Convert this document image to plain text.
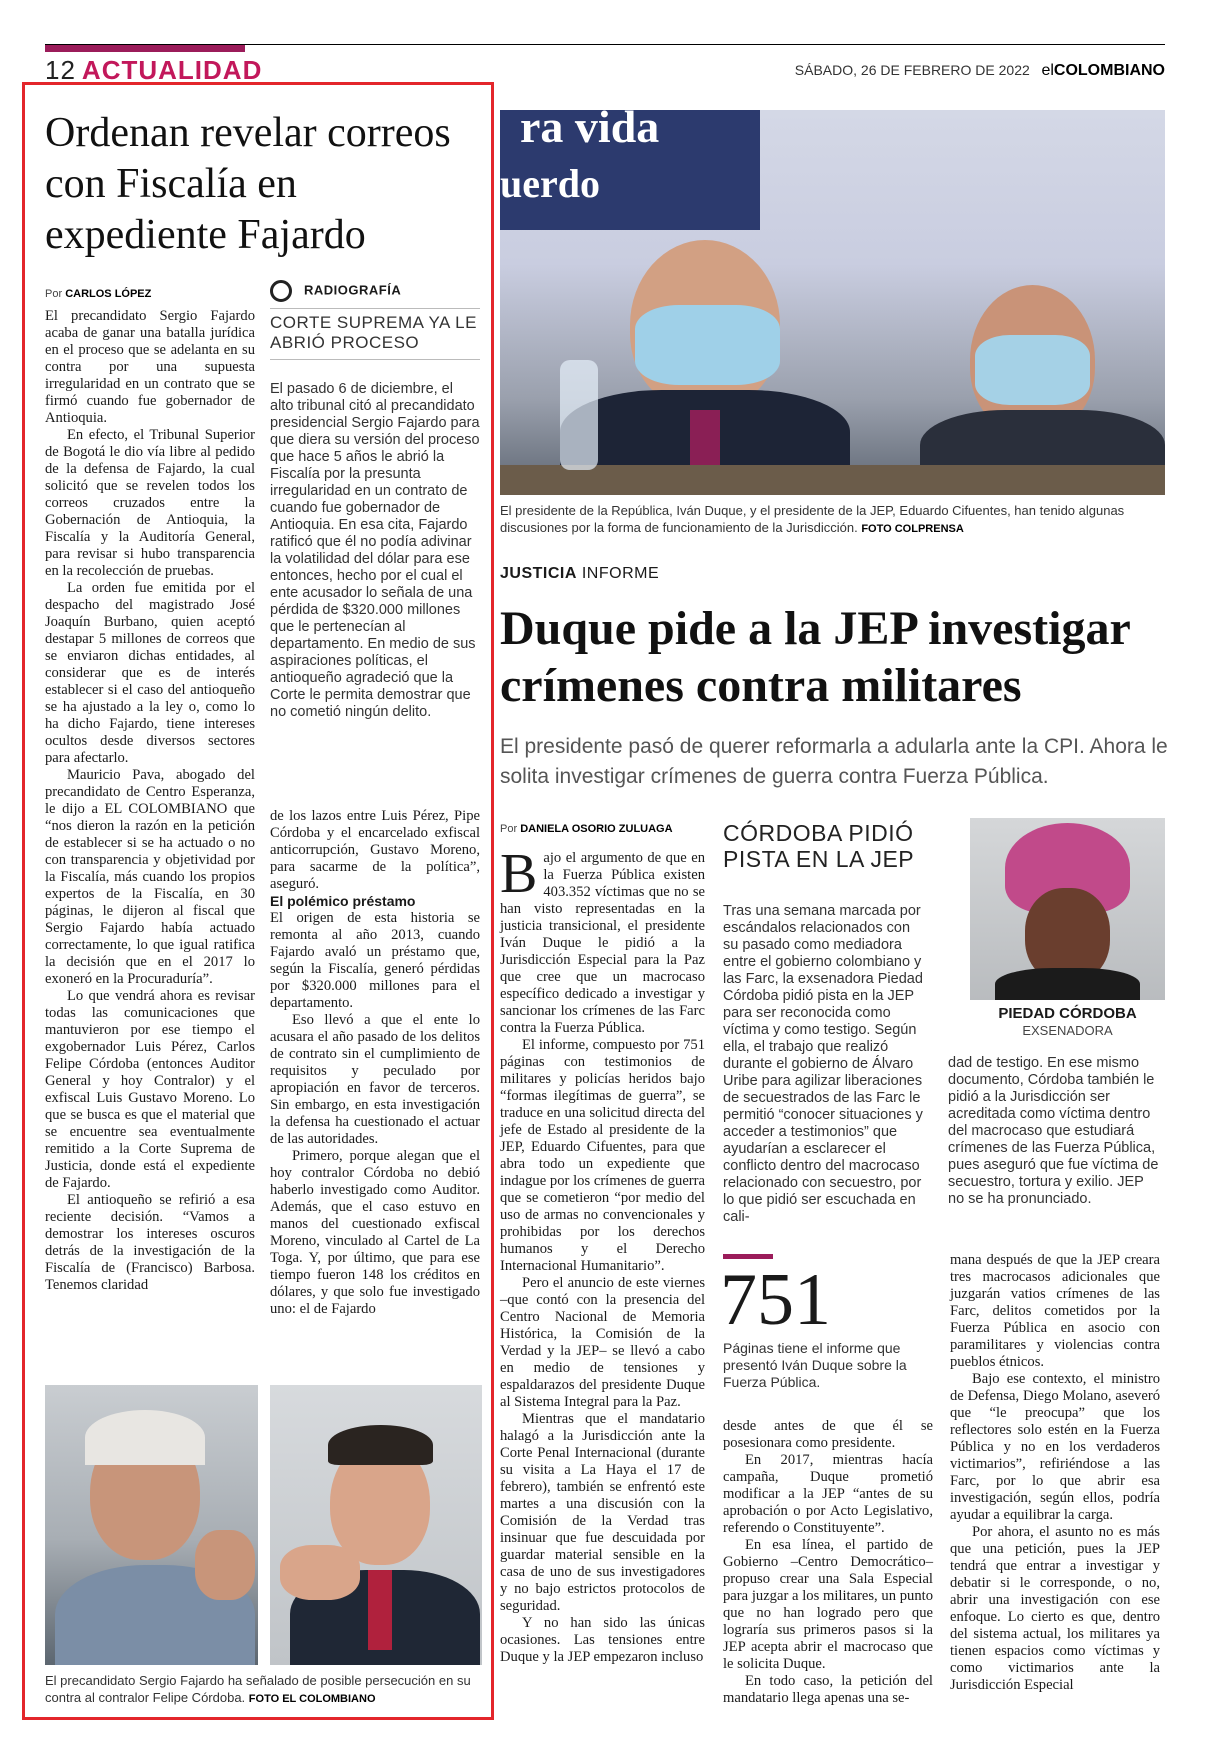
12 ACTUALIDAD	SÁBADO, 26 DE FEBRERO DE 2022 elCOLOMBIANO
Ordenan revelar correos con Fiscalía en expediente Fajardo
Por CARLOS LÓPEZ

El precandidato Sergio Fajardo acaba de ganar una batalla jurídica en el proceso que se adelanta en su contra por una supuesta irregularidad en un contrato que se firmó cuando fue gobernador de Antioquia.

En efecto, el Tribunal Superior de Bogotá le dio vía libre al pedido de la defensa de Fajardo, la cual solicitó que se revelen todos los correos cruzados entre la Gobernación de Antioquia, la Fiscalía y la Auditoría General, para revisar si hubo transparencia en la recolección de pruebas.

La orden fue emitida por el despacho del magistrado José Joaquín Burbano, quien aceptó destapar 5 millones de correos que se enviaron dichas entidades, al considerar que es de interés establecer si el caso del antioqueño se ha ajustado a la ley o, como lo ha dicho Fajardo, tiene intereses ocultos desde diversos sectores para afectarlo.

Mauricio Pava, abogado del precandidato de Centro Esperanza, le dijo a EL COLOMBIANO que “nos dieron la razón en la petición de establecer si se ha actuado o no con transparencia y objetividad por la Fiscalía, más cuando los propios expertos de la Fiscalía, en 30 páginas, le dijeron al fiscal que Sergio Fajardo había actuado correctamente, lo que igual ratifica la decisión que en el 2017 lo exoneró en la Procuraduría”.

Lo que vendrá ahora es revisar todas las comunicaciones que mantuvieron por ese tiempo el exgobernador Luis Pérez, Carlos Felipe Córdoba (entonces Auditor General y hoy Contralor) y el exfiscal Luis Gustavo Moreno. Lo que se busca es que el material que se encuentre sea eventualmente remitido a la Corte Suprema de Justicia, donde está el expediente de Fajardo.

El antioqueño se refirió a esa reciente decisión. “Vamos a demostrar los intereses oscuros detrás de la investigación de la Fiscalía de (Francisco) Barbosa. Tenemos claridad

RADIOGRAFÍA
CORTE SUPREMA YA LE ABRIÓ PROCESO

El pasado 6 de diciembre, el alto tribunal citó al precandidato presidencial Sergio Fajardo para que diera su versión del proceso que hace 5 años le abrió la Fiscalía por la presunta irregularidad en un contrato de cuando fue gobernador de Antioquia. En esa cita, Fajardo ratificó que él no podía adivinar la volatilidad del dólar para ese entonces, hecho por el cual el ente acusador lo señala de una pérdida de $320.000 millones que le pertenecían al departamento. En medio de sus aspiraciones políticas, el antioqueño agradeció que la Corte le permita demostrar que no cometió ningún delito.

de los lazos entre Luis Pérez, Pipe Córdoba y el encarcelado exfiscal anticorrupción, Gustavo Moreno, para sacarme de la política”, aseguró.

El polémico préstamo

El origen de esta historia se remonta al año 2013, cuando Fajardo avaló un préstamo que, según la Fiscalía, generó pérdidas por $320.000 millones para el departamento.

Eso llevó a que el ente lo acusara el año pasado de los delitos de contrato sin el cumplimiento de requisitos y peculado por apropiación en favor de terceros. Sin embargo, en esta investigación la defensa ha cuestionado el actuar de las autoridades.

Primero, porque alegan que el hoy contralor Córdoba no debió haberlo investigado como Auditor. Además, que el caso estuvo en manos del cuestionado exfiscal Moreno, vinculado al Cartel de La Toga. Y, por último, que para ese tiempo fueron 148 los créditos en dólares, y que solo fue investigado uno: el de Fajardo

El precandidato Sergio Fajardo ha señalado de posible persecución en su contra al contralor Felipe Córdoba. FOTO EL COLOMBIANO
ra vida
uerdo
El presidente de la República, Iván Duque, y el presidente de la JEP, Eduardo Cifuentes, han tenido algunas discusiones por la forma de funcionamiento de la Jurisdicción. FOTO COLPRENSA
JUSTICIA INFORME
Duque pide a la JEP investigar crímenes contra militares
El presidente pasó de querer reformarla a adularla ante la CPI. Ahora le solita investigar crímenes de guerra contra Fuerza Pública.
Por DANIELA OSORIO ZULUAGA

Bajo el argumento de que en la Fuerza Pública existen 403.352 víctimas que no se han visto representadas en la justicia transicional, el presidente Iván Duque le pidió a la Jurisdicción Especial para la Paz que cree que un macrocaso específico dedicado a investigar y sancionar los crímenes de las Farc contra la Fuerza Pública.

El informe, compuesto por 751 páginas con testimonios de militares y policías heridos bajo “formas ilegítimas de guerra”, se traduce en una solicitud directa del jefe de Estado al presidente de la JEP, Eduardo Cifuentes, para que abra todo un expediente que indague por los crímenes de guerra que se cometieron “por medio del uso de armas no convencionales y prohibidas por los derechos humanos y el Derecho Internacional Humanitario”.

Pero el anuncio de este viernes –que contó con la presencia del Centro Nacional de Memoria Histórica, la Comisión de la Verdad y la JEP– se llevó a cabo en medio de tensiones y espaldarazos del presidente Duque al Sistema Integral para la Paz.

Mientras que el mandatario halagó a la Jurisdicción ante la Corte Penal Internacional (durante su visita a La Haya el 17 de febrero), también se enfrentó este martes a una discusión con la Comisión de la Verdad tras insinuar que fue descuidada por guardar material sensible en la casa de uno de sus investigadores y no bajo estrictos protocolos de seguridad.

Y no han sido las únicas ocasiones. Las tensiones entre Duque y la JEP empezaron incluso

CÓRDOBA PIDIÓ PISTA EN LA JEP
Tras una semana marcada por escándalos relacionados con su pasado como mediadora entre el gobierno colombiano y las Farc, la exsenadora Piedad Córdoba pidió pista en la JEP para ser reconocida como víctima y como testigo. Según ella, el trabajo que realizó durante el gobierno de Álvaro Uribe para agilizar liberaciones de secuestrados de las Farc le permitió “conocer situaciones y acceder a testimonios” que ayudarían a esclarecer el conflicto dentro del macrocaso relacionado con secuestro, por lo que pidió ser escuchada en cali-
PIEDAD CÓRDOBA
EXSENADORA
dad de testigo. En ese mismo documento, Córdoba también le pidió a la Jurisdicción ser acreditada como víctima dentro del macrocaso que estudiará crímenes de las Fuerza Pública, pues aseguró que fue víctima de secuestro, tortura y exilio. JEP no se ha pronunciado.
751
Páginas tiene el informe que presentó Iván Duque sobre la Fuerza Pública.

desde antes de que él se posesionara como presidente.

En 2017, mientras hacía campaña, Duque prometió modificar a la JEP “antes de su aprobación o por Acto Legislativo, referendo o Constituyente”.

En esa línea, el partido de Gobierno –Centro Democrático– propuso crear una Sala Especial para juzgar a los militares, un punto que no han logrado pero que lograría sus primeros pasos si la JEP acepta abrir el macrocaso que le solicita Duque.

En todo caso, la petición del mandatario llega apenas una se-

mana después de que la JEP creara tres macrocasos adicionales que juzgarán vatios crímenes de las Farc, delitos cometidos por la Fuerza Pública en asocio con paramilitares y violencias contra pueblos étnicos.

Bajo ese contexto, el ministro de Defensa, Diego Molano, aseveró que “le preocupa” que los reflectores solo estén en la Fuerza Pública y no en los verdaderos victimarios”, refiriéndose a las Farc, por lo que abrir esa investigación, según ellos, podría ayudar a equilibrar la carga.

Por ahora, el asunto no es más que una petición, pues la JEP tendrá que entrar a investigar y debatir si le corresponde, o no, abrir una investigación con ese enfoque. Lo cierto es que, dentro del sistema actual, los militares ya tienen espacios como víctimas y como victimarios ante la Jurisdicción Especial
